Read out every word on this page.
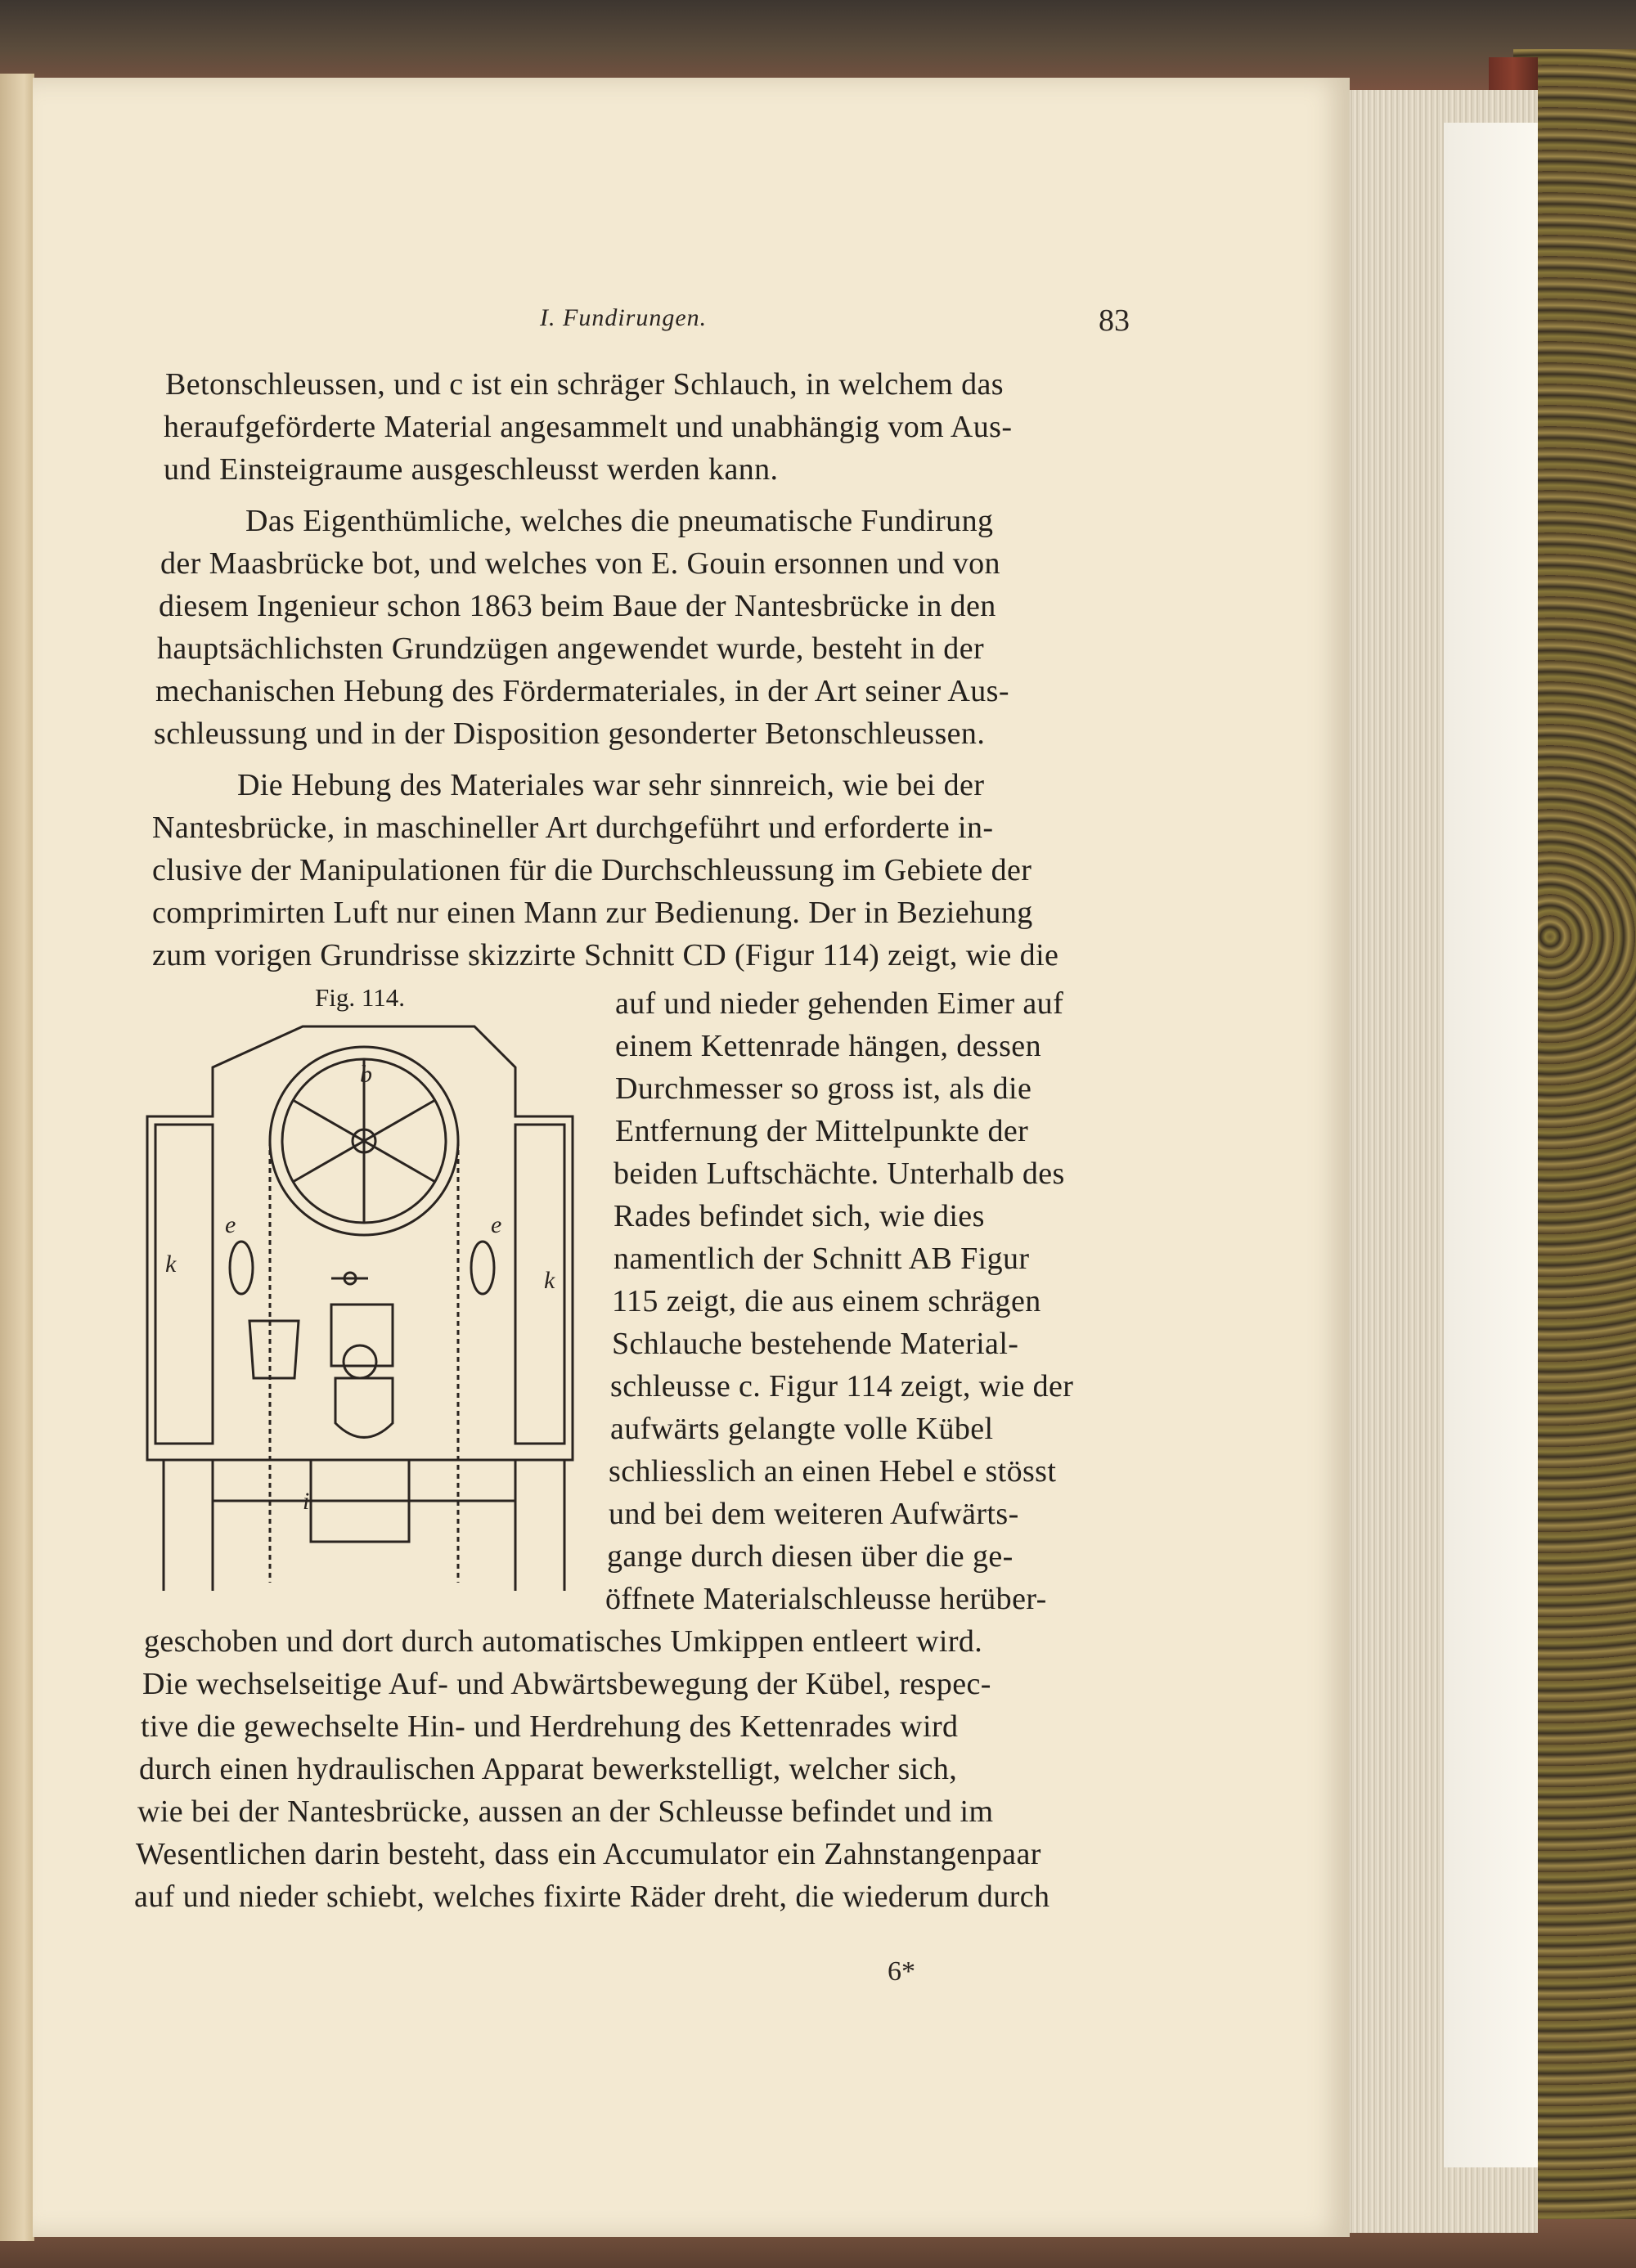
I. Fundirungen.	83
Betonschleussen, und c ist ein schräger Schlauch, in welchem das
heraufgeförderte Material angesammelt und unabhängig vom Aus-
und Einsteigraume ausgeschleusst werden kann.
Das Eigenthümliche, welches die pneumatische Fundirung
der Maasbrücke bot, und welches von E. Gouin ersonnen und von
diesem Ingenieur schon 1863 beim Baue der Nantesbrücke in den
hauptsächlichsten Grundzügen angewendet wurde, besteht in der
mechanischen Hebung des Fördermateriales, in der Art seiner Aus-
schleussung und in der Disposition gesonderter Betonschleussen.
Die Hebung des Materiales war sehr sinnreich, wie bei der
Nantesbrücke, in maschineller Art durchgeführt und erforderte in-
clusive der Manipulationen für die Durchschleussung im Gebiete der
comprimirten Luft nur einen Mann zur Bedienung. Der in Beziehung
zum vorigen Grundrisse skizzirte Schnitt CD (Figur 114) zeigt, wie die
Fig. 114.	auf und nieder gehenden Eimer auf
einem Kettenrade hängen, dessen
Durchmesser so gross ist, als die
Entfernung der Mittelpunkte der
beiden Luftschächte. Unterhalb des
Rades befindet sich, wie dies
namentlich der Schnitt AB Figur
115 zeigt, die aus einem schrägen
Schlauche bestehende Material-
schleusse c. Figur 114 zeigt, wie der
aufwärts gelangte volle Kübel
schliesslich an einen Hebel e stösst
und bei dem weiteren Aufwärts-
gange durch diesen über die ge-
öffnete Materialschleusse herüber-
geschoben und dort durch automatisches Umkippen entleert wird.
Die wechselseitige Auf- und Abwärtsbewegung der Kübel, respec-
tive die gewechselte Hin- und Herdrehung des Kettenrades wird
durch einen hydraulischen Apparat bewerkstelligt, welcher sich,
wie bei der Nantesbrücke, aussen an der Schleusse befindet und im
Wesentlichen darin besteht, dass ein Accumulator ein Zahnstangenpaar
auf und nieder schiebt, welches fixirte Räder dreht, die wiederum durch
b
e	e
k
k
i
6*
